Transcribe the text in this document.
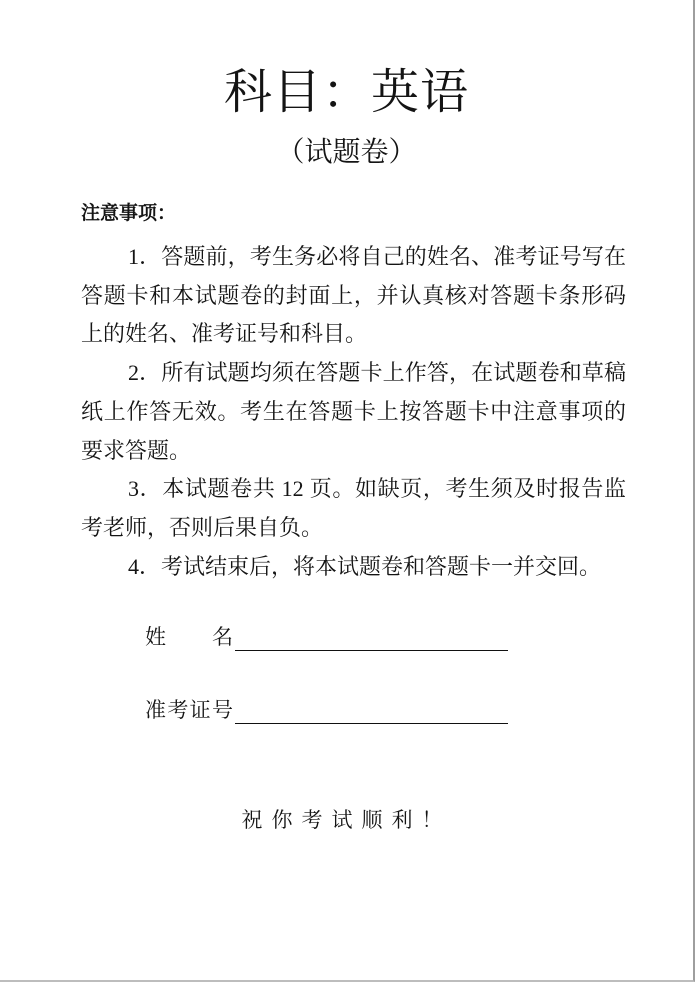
科目：英语
（试题卷）
注意事项：

1．答题前，考生务必将自己的姓名、准考证号写在答题卡和本试题卷的封面上，并认真核对答题卡条形码上的姓名、准考证号和科目。

2．所有试题均须在答题卡上作答，在试题卷和草稿纸上作答无效。考生在答题卡上按答题卡中注意事项的要求答题。

3．本试题卷共 12 页。如缺页，考生须及时报告监考老师，否则后果自负。

4．考试结束后，将本试题卷和答题卡一并交回。

姓名
准考证号
祝你考试顺利！
